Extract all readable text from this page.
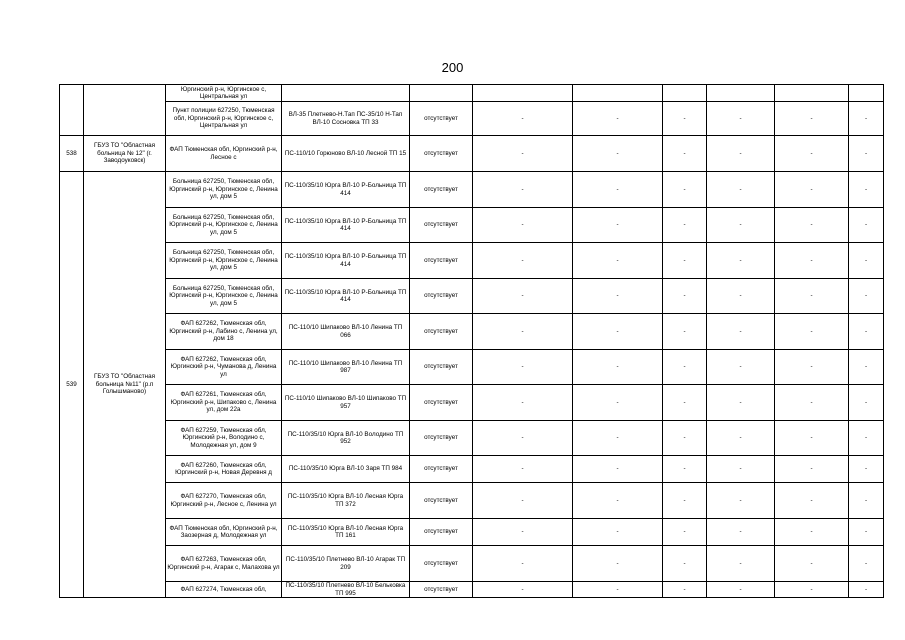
200
		Юргинский р-н, Юргинское с, Центральная ул								
		Пункт полиции 627250, Тюменская обл, Юргинский р-н, Юргинское с, Центральная ул	ВЛ-35 Плетнево-Н.Тап ПС-35/10 Н-Тап ВЛ-10 Сосновка ТП 33	отсутствует	-	-	-	-	-	-
538	ГБУЗ ТО "Областная больница № 12" (г. Заводоуковск)	ФАП Тюменская обл, Юргинский р-н, Лесное с	ПС-110/10 Горюново ВЛ-10 Лесной ТП 15	отсутствует	-	-	-	-	-	-
539	ГБУЗ ТО "Областная больница №11" (р.п Голышманово)	Больница 627250, Тюменская обл, Юргинский р-н, Юргинское с, Ленина ул, дом 5	ПС-110/35/10 Юрга ВЛ-10 Р-Больница ТП 414	отсутствует	-	-	-	-	-	-
		Больница 627250, Тюменская обл, Юргинский р-н, Юргинское с, Ленина ул, дом 5	ПС-110/35/10 Юрга ВЛ-10 Р-Больница ТП 414	отсутствует	-	-	-	-	-	-
		Больница 627250, Тюменская обл, Юргинский р-н, Юргинское с, Ленина ул, дом 5	ПС-110/35/10 Юрга ВЛ-10 Р-Больница ТП 414	отсутствует	-	-	-	-	-	-
		Больница 627250, Тюменская обл, Юргинский р-н, Юргинское с, Ленина ул, дом 5	ПС-110/35/10 Юрга ВЛ-10 Р-Больница ТП 414	отсутствует	-	-	-	-	-	-
		ФАП 627262, Тюменская обл, Юргинский р-н, Лабино с, Ленина ул, дом 18	ПС-110/10 Шипаково ВЛ-10 Ленина ТП 066	отсутствует	-	-	-	-	-	-
		ФАП 627262, Тюменская обл, Юргинский р-н, Чуманова д, Ленина ул	ПС-110/10 Шипаково ВЛ-10 Ленина ТП 987	отсутствует	-	-	-	-	-	-
		ФАП 627261, Тюменская обл, Юргинский р-н, Шипаково с, Ленина ул, дом 22а	ПС-110/10 Шипаково ВЛ-10 Шипаково ТП 957	отсутствует	-	-	-	-	-	-
		ФАП 627259, Тюменская обл, Юргинский р-н, Володино с, Молодежная ул, дом 9	ПС-110/35/10 Юрга ВЛ-10 Володино ТП 952	отсутствует	-	-	-	-	-	-
		ФАП 627260, Тюменская обл, Юргинский р-н, Новая Деревня д	ПС-110/35/10 Юрга ВЛ-10 Заря ТП 984	отсутствует	-	-	-	-	-	-
		ФАП 627270, Тюменская обл, Юргинский р-н, Лесное с, Ленина ул	ПС-110/35/10 Юрга ВЛ-10 Лесная Юрга ТП 372	отсутствует	-	-	-	-	-	-
		ФАП Тюменская обл, Юргинский р-н, Заозерная д, Молодежная ул	ПС-110/35/10 Юрга ВЛ-10 Лесная Юрга ТП 161	отсутствует	-	-	-	-	-	-
		ФАП 627263, Тюменская обл, Юргинский р-н, Агарак с, Малахова ул	ПС-110/35/10 Плетнево ВЛ-10 Агарак ТП 209	отсутствует	-	-	-	-	-	-
		ФАП 627274, Тюменская обл,	ПС-110/35/10 Плетнево ВЛ-10 Бельковка ТП 995	отсутствует	-	-	-	-	-	-
